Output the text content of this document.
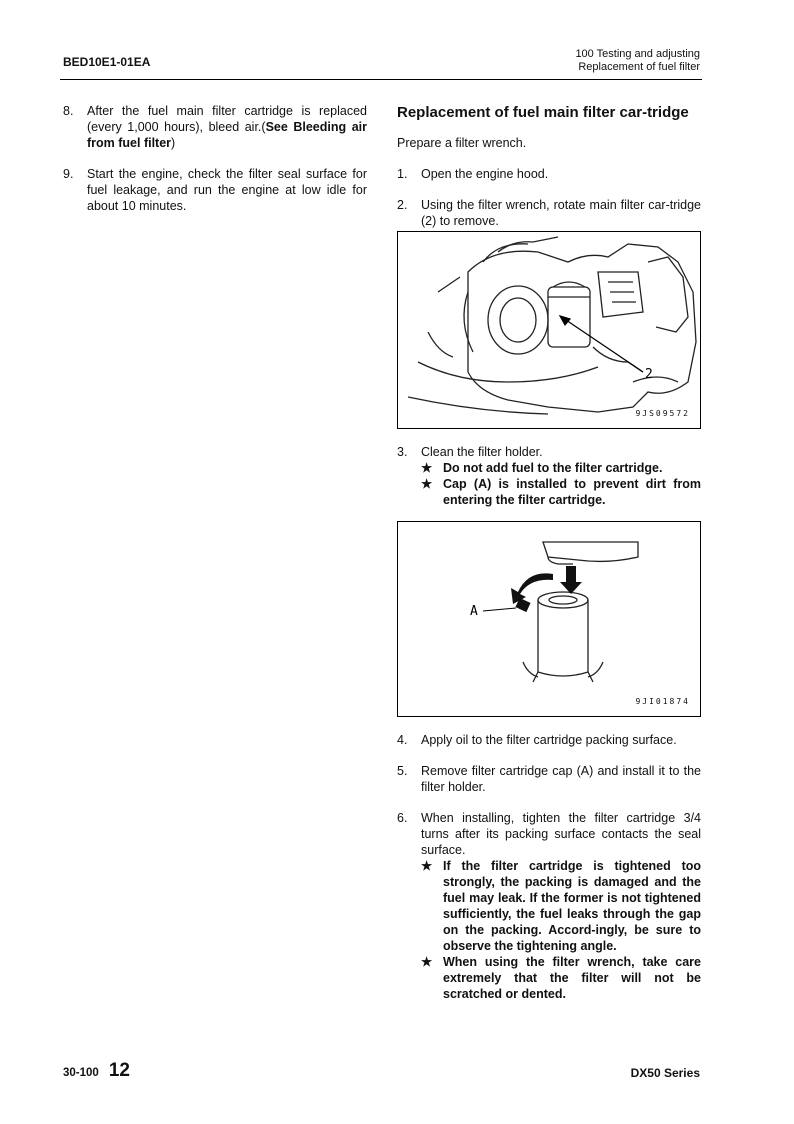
BED10E1-01EA
100 Testing and adjusting
Replacement of fuel filter
8.	After the fuel main filter cartridge is replaced (every 1,000 hours), bleed air.(See Bleeding air from fuel filter)
9.	Start the engine, check the filter seal surface for fuel leakage, and run the engine at low idle for about 10 minutes.
Replacement of fuel main filter car-tridge
Prepare a filter wrench.
1.	Open the engine hood.
2.	Using the filter wrench, rotate main filter car-tridge (2) to remove.
2
9JS09572
3.	Clean the filter holder.
★ Do not add fuel to the filter cartridge.
★ Cap (A) is installed to prevent dirt from entering the filter cartridge.
A
9JI01874
4.	Apply oil to the filter cartridge packing surface.
5.	Remove filter cartridge cap (A) and install it to the filter holder.
6.	When installing, tighten the filter cartridge 3/4 turns after its packing surface contacts the seal surface.
★ If the filter cartridge is tightened too strongly, the packing is damaged and the fuel may leak. If the former is not tightened sufficiently, the fuel leaks through the gap on the packing. Accord-ingly, be sure to observe the tightening angle.
★ When using the filter wrench, take care extremely that the filter will not be scratched or dented.
30-100 12	DX50 Series
